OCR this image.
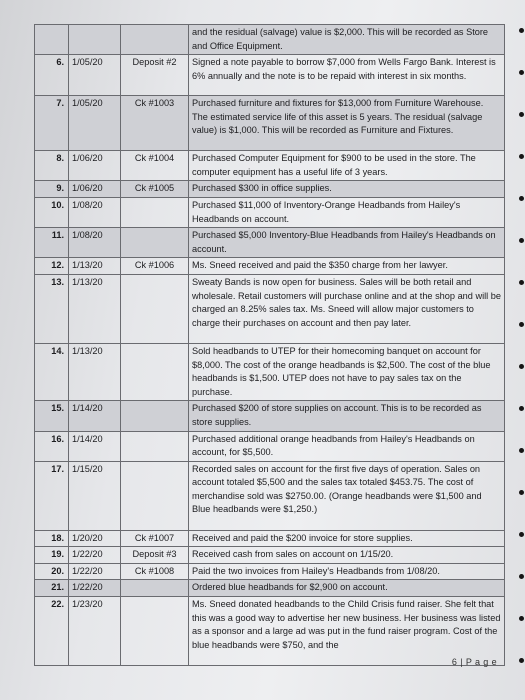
			and the residual (salvage) value is $2,000. This will be recorded as Store and Office Equipment.
6.	1/05/20	Deposit #2	Signed a note payable to borrow $7,000 from Wells Fargo Bank. Interest is 6% annually and the note is to be repaid with interest in six months.
7.	1/05/20	Ck #1003	Purchased furniture and fixtures for $13,000 from Furniture Warehouse. The estimated service life of this asset is 5 years. The residual (salvage value) is $1,000. This will be recorded as Furniture and Fixtures.
8.	1/06/20	Ck #1004	Purchased Computer Equipment for $900 to be used in the store. The computer equipment has a useful life of 3 years.
9.	1/06/20	Ck #1005	Purchased $300 in office supplies.
10.	1/08/20		Purchased $11,000 of Inventory-Orange Headbands from Hailey's Headbands on account.
11.	1/08/20		Purchased $5,000 Inventory-Blue Headbands from Hailey's Headbands on account.
12.	1/13/20	Ck #1006	Ms. Sneed received and paid the $350 charge from her lawyer.
13.	1/13/20		Sweaty Bands is now open for business. Sales will be both retail and wholesale. Retail customers will purchase online and at the shop and will be charged an 8.25% sales tax. Ms. Sneed will allow major customers to charge their purchases on account and then pay later.
14.	1/13/20		Sold headbands to UTEP for their homecoming banquet on account for $8,000. The cost of the orange headbands is $2,500. The cost of the blue headbands is $1,500. UTEP does not have to pay sales tax on the purchase.
15.	1/14/20		Purchased $200 of store supplies on account. This is to be recorded as store supplies.
16.	1/14/20		Purchased additional orange headbands from Hailey's Headbands on account, for $5,500.
17.	1/15/20		Recorded sales on account for the first five days of operation. Sales on account totaled $5,500 and the sales tax totaled $453.75. The cost of merchandise sold was $2750.00. (Orange headbands were $1,500 and Blue headbands were $1,250.)
18.	1/20/20	Ck #1007	Received and paid the $200 invoice for store supplies.
19.	1/22/20	Deposit #3	Received cash from sales on account on 1/15/20.
20.	1/22/20	Ck #1008	Paid the two invoices from Hailey's Headbands from 1/08/20.
21.	1/22/20		Ordered blue headbands for $2,900 on account.
22.	1/23/20		Ms. Sneed donated headbands to the Child Crisis fund raiser. She felt that this was a good way to advertise her new business. Her business was listed as a sponsor and a large ad was put in the fund raiser program. Cost of the blue headbands were $750, and the
6 | P a g e
